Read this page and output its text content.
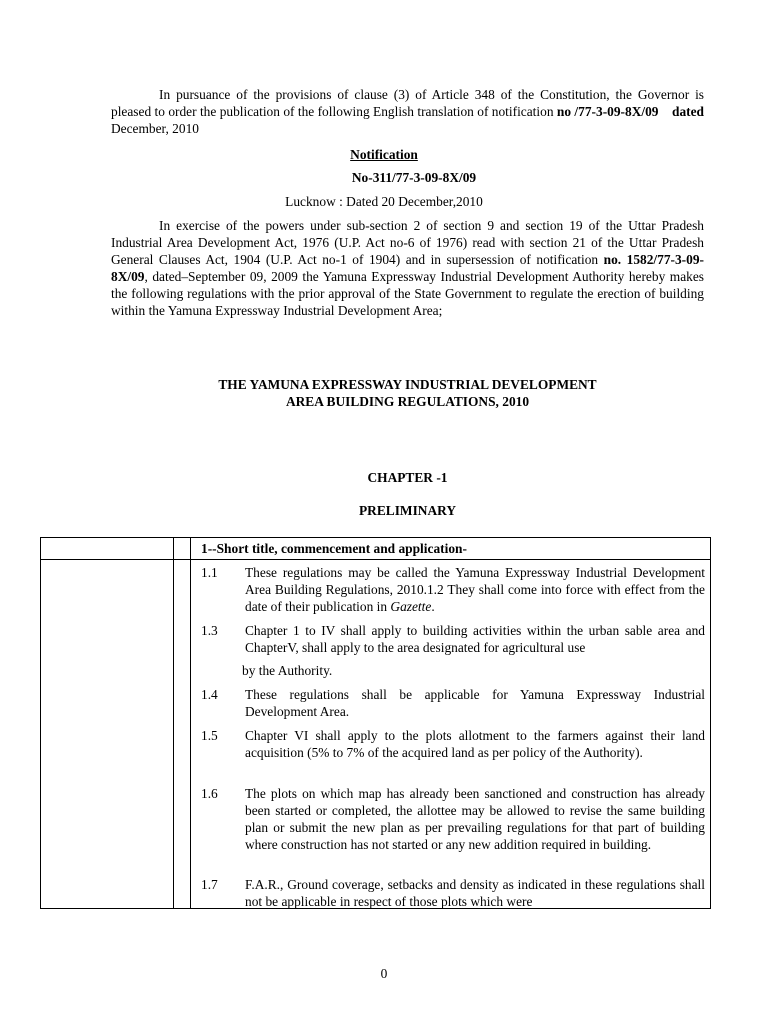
In pursuance of the provisions of clause (3) of Article 348 of the Constitution, the Governor is pleased to order the publication of the following English translation of notification no /77-3-09-8X/09 dated December, 2010

Notification
No-311/77-3-09-8X/09
Lucknow : Dated 20 December,2010

In exercise of the powers under sub-section 2 of section 9 and section 19 of the Uttar Pradesh Industrial Area Development Act, 1976 (U.P. Act no-6 of 1976) read with section 21 of the Uttar Pradesh General Clauses Act, 1904 (U.P. Act no-1 of 1904) and in supersession of notification no. 1582/77-3-09-8X/09, dated–September 09, 2009 the Yamuna Expressway Industrial Development Authority hereby makes the following regulations with the prior approval of the State Government to regulate the erection of building within the Yamuna Expressway Industrial Development Area;

THE YAMUNA EXPRESSWAY INDUSTRIAL DEVELOPMENT
AREA BUILDING REGULATIONS, 2010
CHAPTER -1
PRELIMINARY
1--Short title, commencement and application-

1.1	These regulations may be called the Yamuna Expressway Industrial Development Area Building Regulations, 2010.1.2 They shall come into force with effect from the date of their publication in Gazette.

1.3	Chapter 1 to IV shall apply to building activities within the urban sable area and ChapterV, shall apply to the area designated for agricultural use

by the Authority.

1.4	These regulations shall be applicable for Yamuna Expressway Industrial Development Area.

1.5	Chapter VI shall apply to the plots allotment to the farmers against their land acquisition (5% to 7% of the acquired land as per policy of the Authority).

1.6	The plots on which map has already been sanctioned and construction has already been started or completed, the allottee may be allowed to revise the same building plan or submit the new plan as per prevailing regulations for that part of building where construction has not started or any new addition required in building.

1.7	F.A.R., Ground coverage, setbacks and density as indicated in these regulations shall not be applicable in respect of those plots which were

0
